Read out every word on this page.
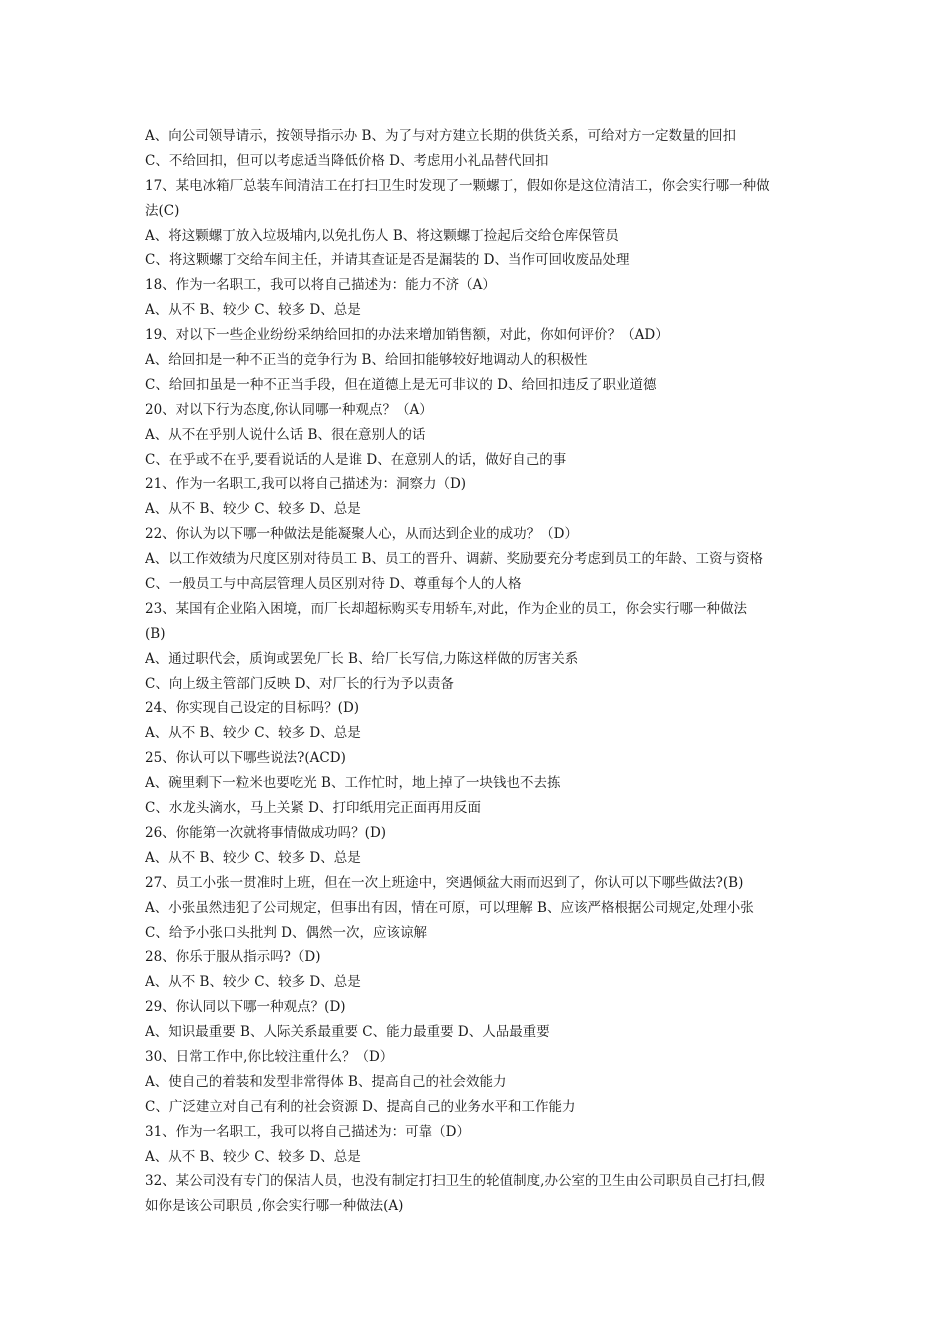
A、向公司领导请示，按领导指示办 B、为了与对方建立长期的供货关系，可给对方一定数量的回扣
C、不给回扣，但可以考虑适当降低价格 D、考虑用小礼品替代回扣
17、某电冰箱厂总装车间清洁工在打扫卫生时发现了一颗螺丁，假如你是这位清洁工，你会实行哪一种做
法(C)
A、将这颗螺丁放入垃圾埔内,以免扎伤人 B、将这颗螺丁捡起后交给仓库保管员
C、将这颗螺丁交给车间主任，并请其查证是否是漏装的 D、当作可回收废品处理
18、作为一名职工，我可以将自己描述为：能力不济（A）
A、从不 B、较少 C、较多 D、总是
19、对以下一些企业纷纷采纳给回扣的办法来增加销售额，对此，你如何评价？（AD）
A、给回扣是一种不正当的竞争行为 B、给回扣能够较好地调动人的积极性
C、给回扣虽是一种不正当手段，但在道德上是无可非议的 D、给回扣违反了职业道德
20、对以下行为态度,你认同哪一种观点？（A）
A、从不在乎别人说什么话 B、很在意别人的话
C、在乎或不在乎,要看说话的人是谁 D、在意别人的话，做好自己的事
21、作为一名职工,我可以将自己描述为：洞察力（D)
A、从不 B、较少 C、较多 D、总是
22、你认为以下哪一种做法是能凝聚人心，从而达到企业的成功？（D）
A、以工作效绩为尺度区别对待员工 B、员工的晋升、调薪、奖励要充分考虑到员工的年龄、工资与资格
C、一般员工与中高层管理人员区别对待 D、尊重每个人的人格
23、某国有企业陷入困境，而厂长却超标购买专用轿车,对此，作为企业的员工，你会实行哪一种做法
(B)
A、通过职代会，质询或罢免厂长 B、给厂长写信,力陈这样做的厉害关系
C、向上级主管部门反映 D、对厂长的行为予以责备
24、你实现自己设定的目标吗？(D)
A、从不 B、较少 C、较多 D、总是
25、你认可以下哪些说法?(ACD)
A、碗里剩下一粒米也要吃光 B、工作忙时，地上掉了一块钱也不去拣
C、水龙头滴水，马上关紧 D、打印纸用完正面再用反面
26、你能第一次就将事情做成功吗？(D)
A、从不 B、较少 C、较多 D、总是
27、员工小张一贯准时上班，但在一次上班途中，突遇倾盆大雨而迟到了，你认可以下哪些做法?(B)
A、小张虽然违犯了公司规定，但事出有因，情在可原，可以理解 B、应该严格根据公司规定,处理小张
C、给予小张口头批判 D、偶然一次，应该谅解
28、你乐于服从指示吗?（D)
A、从不 B、较少 C、较多 D、总是
29、你认同以下哪一种观点？(D)
A、知识最重要 B、人际关系最重要 C、能力最重要 D、人品最重要
30、日常工作中,你比较注重什么？（D）
A、使自己的着装和发型非常得体 B、提高自己的社会效能力
C、广泛建立对自己有利的社会资源 D、提高自己的业务水平和工作能力
31、作为一名职工，我可以将自己描述为：可靠（D）
A、从不 B、较少 C、较多 D、总是
32、某公司没有专门的保洁人员，也没有制定打扫卫生的轮值制度,办公室的卫生由公司职员自己打扫,假
如你是该公司职员 ,你会实行哪一种做法(A)
